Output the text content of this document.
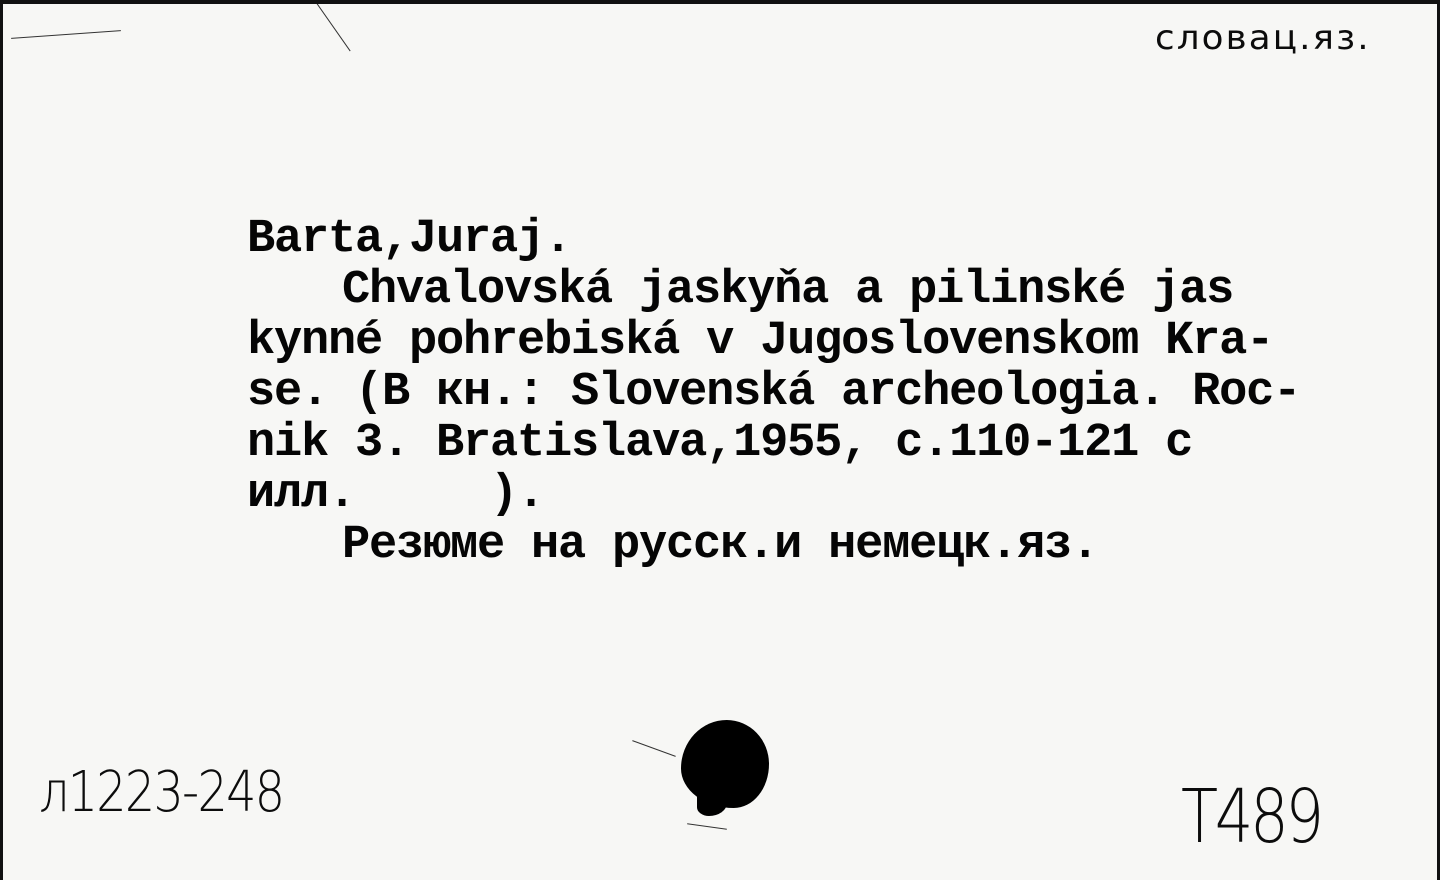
словац.яз.
Barta,Juraj.
Chvalovská jaskyňa a pilinské jas
kynné pohrebiská v Jugoslovenskom Kra-
se. (В кн.: Slovenská archeologia. Roc-
nik 3. Bratislava,1955, c.110-121 с
илл.     ).
Резюме на русск.и немецк.яз.
л1223-248	Т489
